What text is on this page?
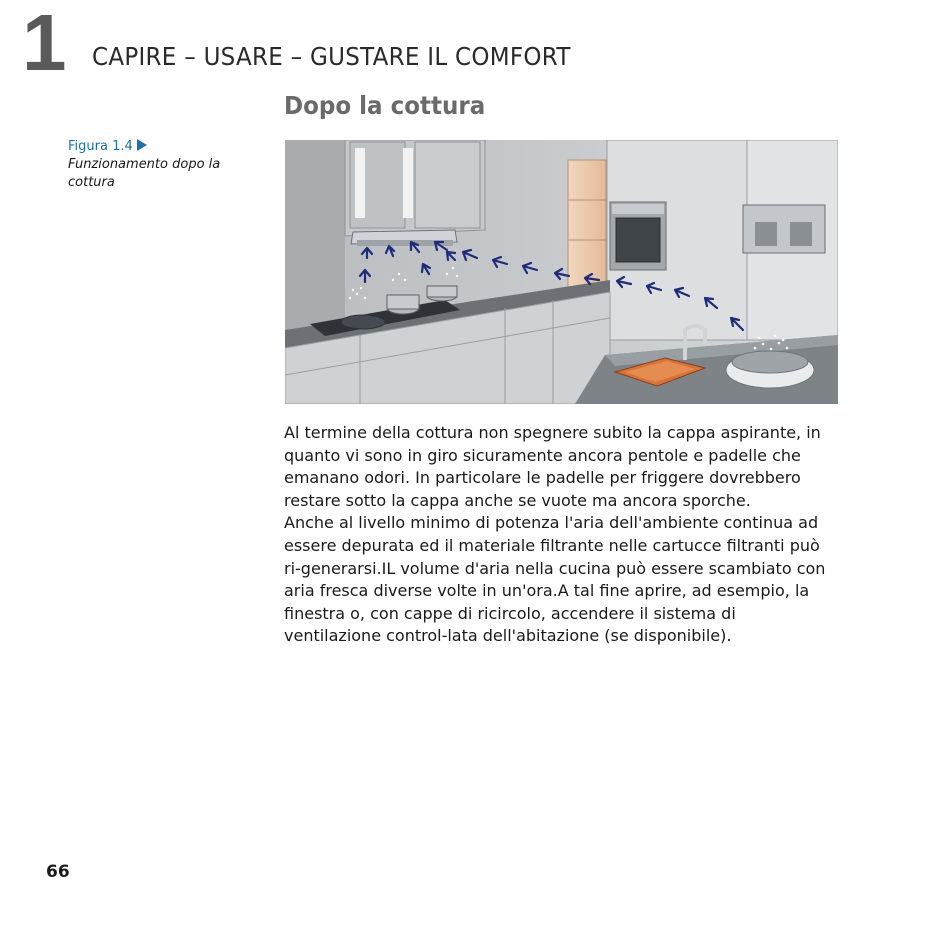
1 CAPIRE – USARE – GUSTARE IL COMFORT
Dopo la cottura
Figura 1.4
Funzionamento dopo la cottura

Al termine della cottura non spegnere subito la cappa aspirante, in quanto vi sono in giro sicuramente ancora pentole e padelle che emanano odori. In particolare le padelle per friggere dovrebbero restare sotto la cappa anche se vuote ma ancora sporche.

Anche al livello minimo di potenza l'aria dell'ambiente continua ad essere depurata ed il materiale filtrante nelle cartucce filtranti può ri-generarsi.IL volume d'aria nella cucina può essere scambiato con aria fresca diverse volte in un'ora.A tal fine aprire, ad esempio, la finestra o, con cappe di ricircolo, accendere il sistema di ventilazione control-lata dell'abitazione (se disponibile).

66
